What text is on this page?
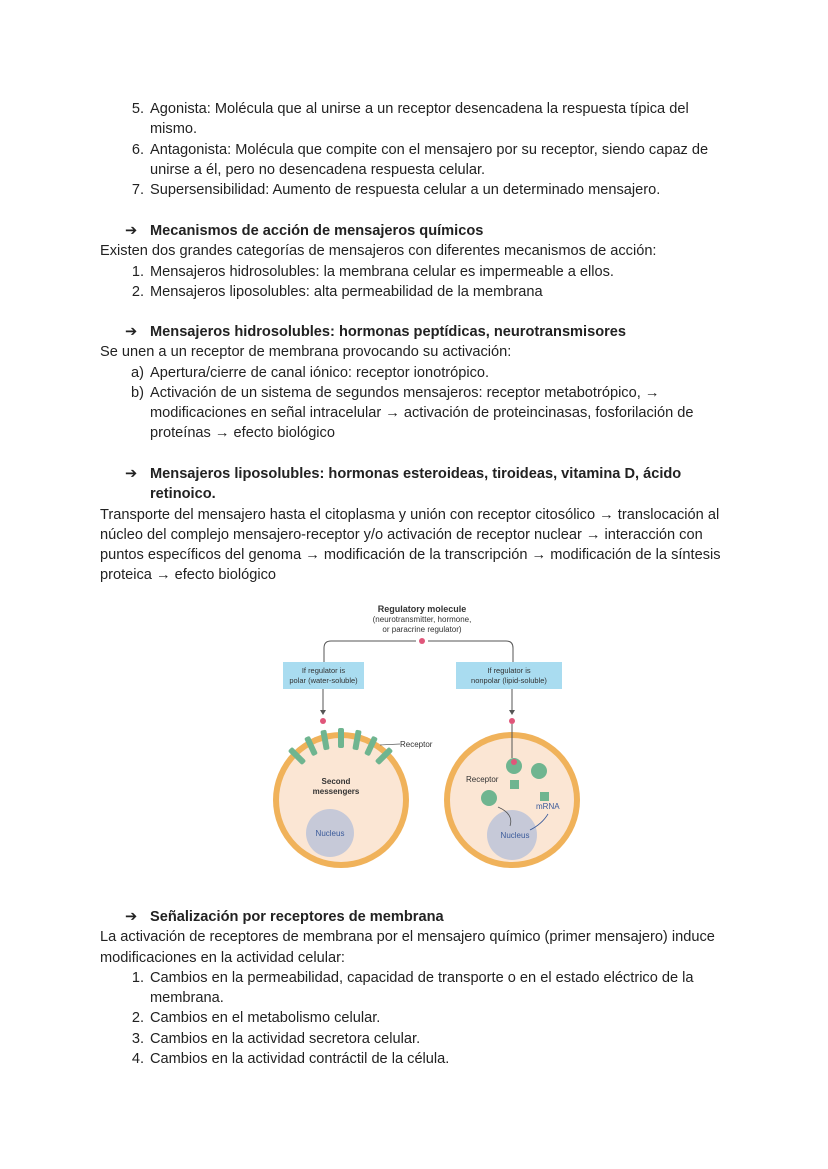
5. Agonista: Molécula que al unirse a un receptor desencadena la respuesta típica del mismo.
6. Antagonista: Molécula que compite con el mensajero por su receptor, siendo capaz de unirse a él, pero no desencadena respuesta celular.
7. Supersensibilidad: Aumento de respuesta celular a un determinado mensajero.
➔ Mecanismos de acción de mensajeros químicos

Existen dos grandes categorías de mensajeros con diferentes mecanismos de acción:

1. Mensajeros hidrosolubles: la membrana celular es impermeable a ellos.
2. Mensajeros liposolubles: alta permeabilidad de la membrana
➔ Mensajeros hidrosolubles: hormonas peptídicas, neurotransmisores

Se unen a un receptor de membrana provocando su activación:

a) Apertura/cierre de canal iónico: receptor ionotrópico.
b) Activación de un sistema de segundos mensajeros: receptor metabotrópico, → modificaciones en señal intracelular → activación de proteincinasas, fosforilación de proteínas → efecto biológico
➔ Mensajeros liposolubles: hormonas esteroideas, tiroideas, vitamina D, ácido retinoico.

Transporte del mensajero hasta el citoplasma y unión con receptor citosólico → translocación al núcleo del complejo mensajero-receptor y/o activación de receptor nuclear → interacción con puntos específicos del genoma → modificación de la transcripción → modificación de la síntesis proteica → efecto biológico

Regulatory molecule
(neurotransmitter, hormone,
or paracrine regulator)
If regulator is
polar (water-soluble)
If regulator is
nonpolar (lipid-soluble)
Nucleus
Receptor
Second
messengers
Nucleus
Receptor
mRNA
➔ Señalización por receptores de membrana

La activación de receptores de membrana por el mensajero químico (primer mensajero) induce modificaciones en la actividad celular:

1. Cambios en la permeabilidad, capacidad de transporte o en el estado eléctrico de la membrana.
2. Cambios en el metabolismo celular.
3. Cambios en la actividad secretora celular.
4. Cambios en la actividad contráctil de la célula.
